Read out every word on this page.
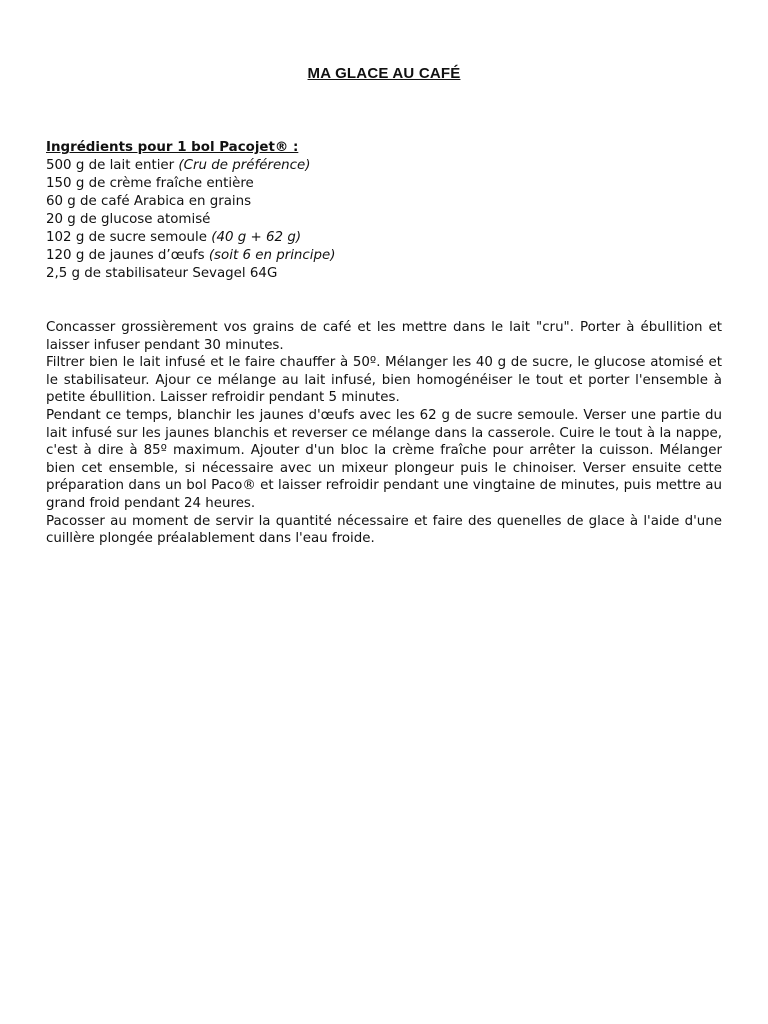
MA GLACE AU CAFÉ
Ingrédients pour 1 bol Pacojet® :
500 g de lait entier (Cru de préférence)
150 g de crème fraîche entière
60 g de café Arabica en grains
20 g de glucose atomisé
102 g de sucre semoule (40 g + 62 g)
120 g de jaunes d’œufs (soit 6 en principe)
2,5 g de stabilisateur Sevagel 64G

Concasser grossièrement vos grains de café et les mettre dans le lait "cru". Porter à ébullition et laisser infuser pendant 30 minutes.

Filtrer bien le lait infusé et le faire chauffer à 50º. Mélanger les 40 g de sucre, le glucose atomisé et le stabilisateur. Ajour ce mélange au lait infusé, bien homogénéiser le tout et porter l'ensemble à petite ébullition. Laisser refroidir pendant 5 minutes.

Pendant ce temps, blanchir les jaunes d'œufs avec les 62 g de sucre semoule. Verser une partie du lait infusé sur les jaunes blanchis et reverser ce mélange dans la casserole. Cuire le tout à la nappe, c'est à dire à 85º maximum. Ajouter d'un bloc la crème fraîche pour arrêter la cuisson. Mélanger bien cet ensemble, si nécessaire avec un mixeur plongeur puis le chinoiser. Verser ensuite cette préparation dans un bol Paco® et laisser refroidir pendant une vingtaine de minutes, puis mettre au grand froid pendant 24 heures.

Pacosser au moment de servir la quantité nécessaire et faire des quenelles de glace à l'aide d'une cuillère plongée préalablement dans l'eau froide.
